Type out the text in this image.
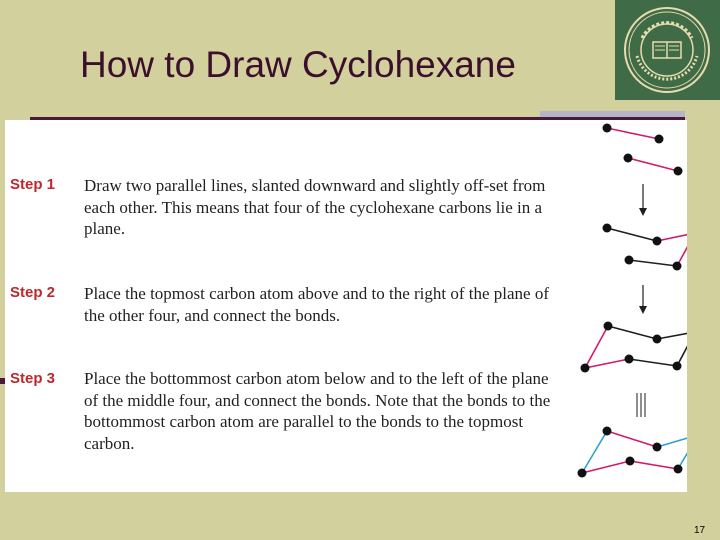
How to Draw Cyclohexane
Step 1 Draw two parallel lines, slanted downward and slightly off-set from each other. This means that four of the cyclohexane carbons lie in a plane.
Step 2 Place the topmost carbon atom above and to the right of the plane of the other four, and connect the bonds.
Step 3 Place the bottommost carbon atom below and to the left of the plane of the middle four, and connect the bonds. Note that the bonds to the bottommost carbon atom are parallel to the bonds to the topmost carbon.
17
